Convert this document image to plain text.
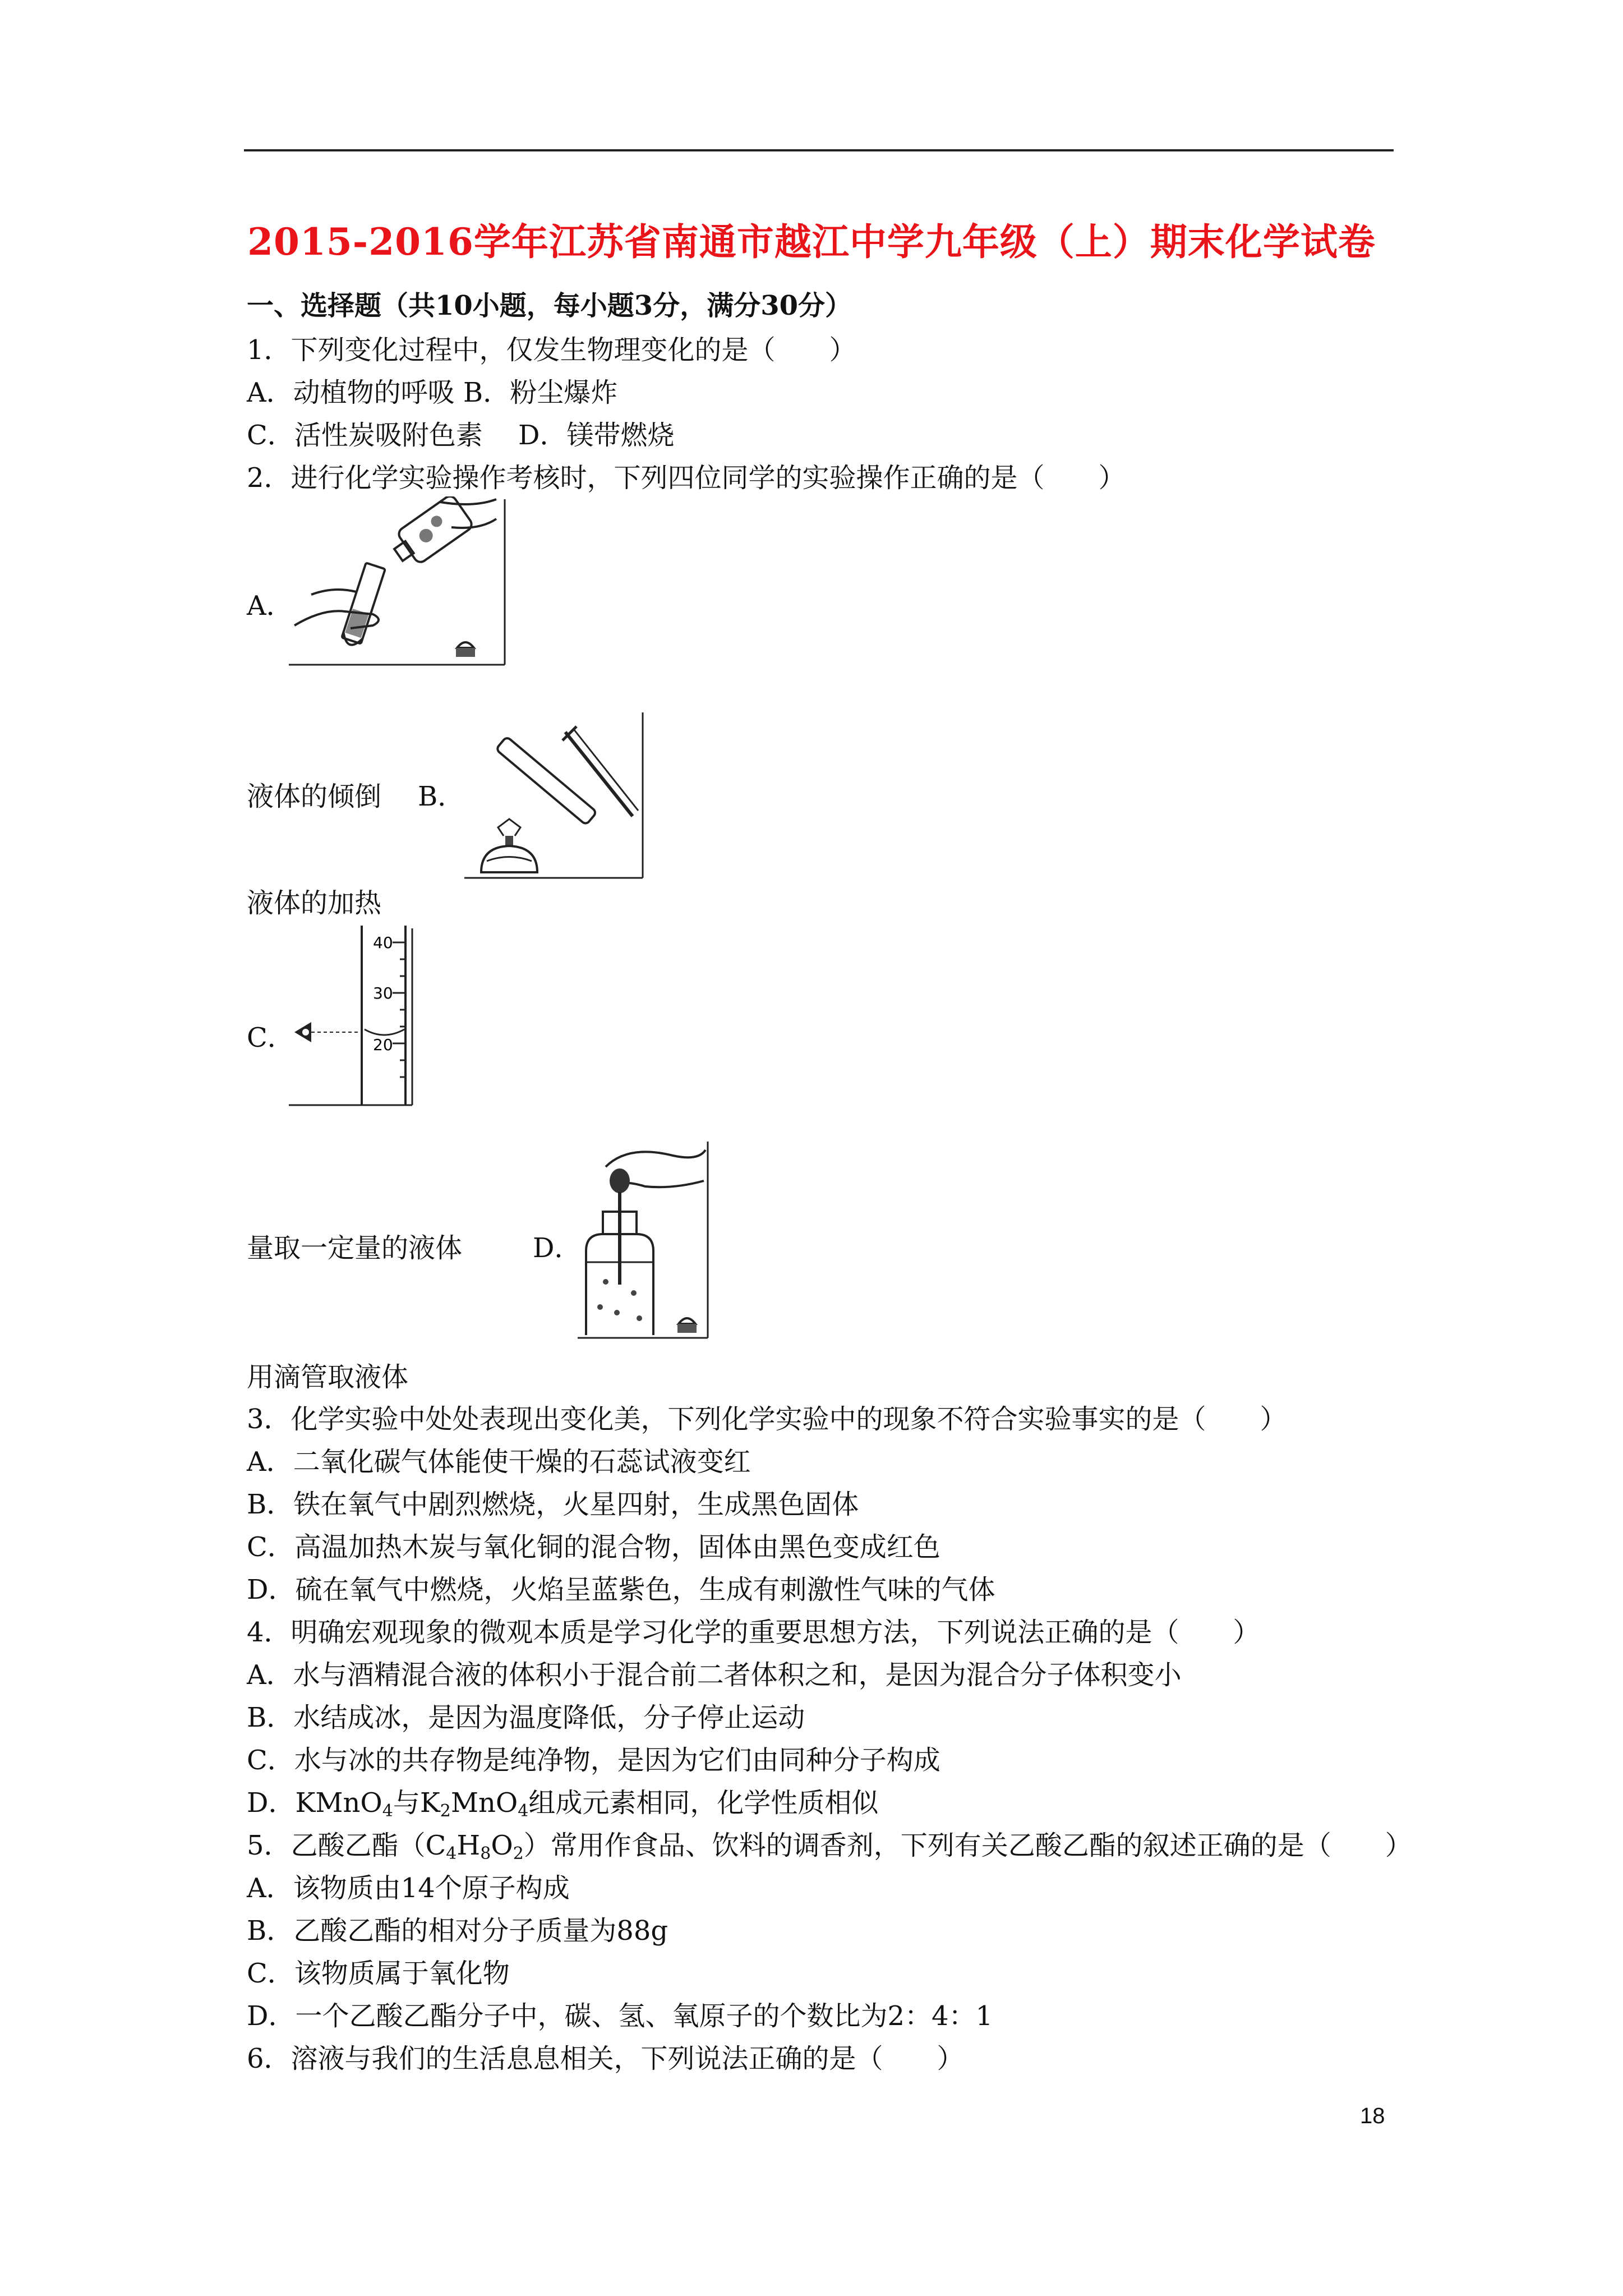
2015-2016学年江苏省南通市越江中学九年级（上）期末化学试卷
一、选择题（共10小题，每小题3分，满分30分）
1．下列变化过程中，仅发生物理变化的是（　　）
A．动植物的呼吸 B．粉尘爆炸
C．活性炭吸附色素　 D．镁带燃烧
2．进行化学实验操作考核时，下列四位同学的实验操作正确的是（　　）
A．
液体的倾倒 B．
液体的加热
C．
40
30
20
量取一定量的液体	D．
用滴管取液体
3．化学实验中处处表现出变化美，下列化学实验中的现象不符合实验事实的是（　　）
A．二氧化碳气体能使干燥的石蕊试液变红
B．铁在氧气中剧烈燃烧，火星四射，生成黑色固体
C．高温加热木炭与氧化铜的混合物，固体由黑色变成红色
D．硫在氧气中燃烧，火焰呈蓝紫色，生成有刺激性气味的气体
4．明确宏观现象的微观本质是学习化学的重要思想方法，下列说法正确的是（　　）
A．水与酒精混合液的体积小于混合前二者体积之和，是因为混合分子体积变小
B．水结成冰，是因为温度降低，分子停止运动
C．水与冰的共存物是纯净物，是因为它们由同种分子构成
D．KMnO$_4$与$K_2MnO_4$组成元素相同，化学性质相似
5．乙酸乙酯$(C_4H_8O_2)$常用作食品、饮料的调香剂，下列有关乙酸乙酯的叙述正确的是（　　）
A．该物质由14个原子构成
B．乙酸乙酯的相对分子质量为88g
C．该物质属于氧化物
D．一个乙酸乙酯分子中，碳、氢、氧原子的个数比为2：4：1
6．溶液与我们的生活息息相关，下列说法正确的是（　　）
18
